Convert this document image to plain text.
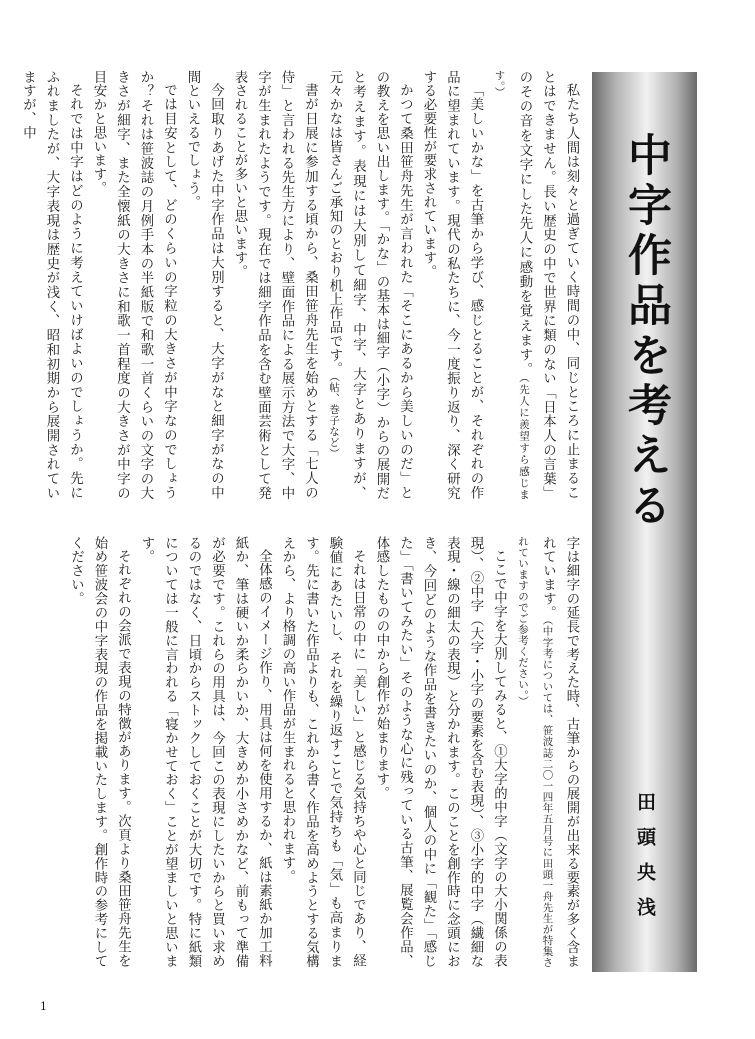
私たち人間は刻々と過ぎていく時間の中、同じところに止まることはできません。長い歴史の中で世界に類のない「日本人の言葉」のその音を文字にした先人に感動を覚えます。（先人に羨望すら感じます。）

「美しいかな」を古筆から学び、感じとることが、それぞれの作品に望まれています。現代の私たちに、今一度振り返り、深く研究する必要性が要求されています。

かつて桑田笹舟先生が言われた「そこにあるから美しいのだ」との教えを思い出します。「かな」の基本は細字（小字）からの展開だと考えます。表現には大別して細字、中字、大字とありますが、元々かなは皆さんご承知のとおり机上作品です。（帖、巻子など）

書が日展に参加する頃から、桑田笹舟先生を始めとする「七人の侍」と言われる先生方により、壁面作品による展示方法で大字、中字が生まれたようです。現在では細字作品を含む壁面芸術として発表されることが多いと思います。

今回取りあげた中字作品は大別すると、大字がなと細字がなの中間といえるでしょう。

では目安として、どのくらいの字粒の大きさが中字なのでしょうか？それは笹波誌の月例手本の半紙版で和歌一首くらいの文字の大きさが細字、また全懐紙の大きさに和歌一首程度の大きさが中字の目安かと思います。

それでは中字はどのように考えていけばよいのでしょうか。先にふれましたが、大字表現は歴史が浅く、昭和初期から展開されていますが、中

字は細字の延長で考えた時、古筆からの展開が出来る要素が多く含まれています。（中字考については、笹波誌二〇一四年五月号に田頭一舟先生が特集されていますのでご参考ください。）

ここで中字を大別してみると、①大字的中字（文字の大小関係の表現）、②中字（大字・小字の要素を含む表現）、③小字的中字（繊細な表現・線の細太の表現）と分かれます。このことを創作時に念頭におき、今回どのような作品を書きたいのか、個人の中に「観た」「感じた」「書いてみたい」そのような心に残っている古筆、展覧会作品、体感したものの中から創作が始まります。

それは日常の中に「美しい」と感じる気持ちや心と同じであり、経験値にあたいし、それを繰り返すことで気持ちも「気」も高まります。先に書いた作品よりも、これから書く作品を高めようとする気構えから、より格調の高い作品が生まれると思われます。

全体感のイメージ作り、用具は何を使用するか、紙は素紙か加工料紙か、筆は硬いか柔らかいか、大きめか小さめかなど、前もって準備が必要です。これらの用具は、今回この表現にしたいからと買い求めるのではなく、日頃からストックしておくことが大切です。特に紙類については一般に言われる「寝かせておく」ことが望ましいと思います。

それぞれの会派で表現の特徴があります。次頁より桑田笹舟先生を始め笹波会の中字表現の作品を掲載いたします。創作時の参考にしてください。

中字作品を考える
田頭央浅
1
